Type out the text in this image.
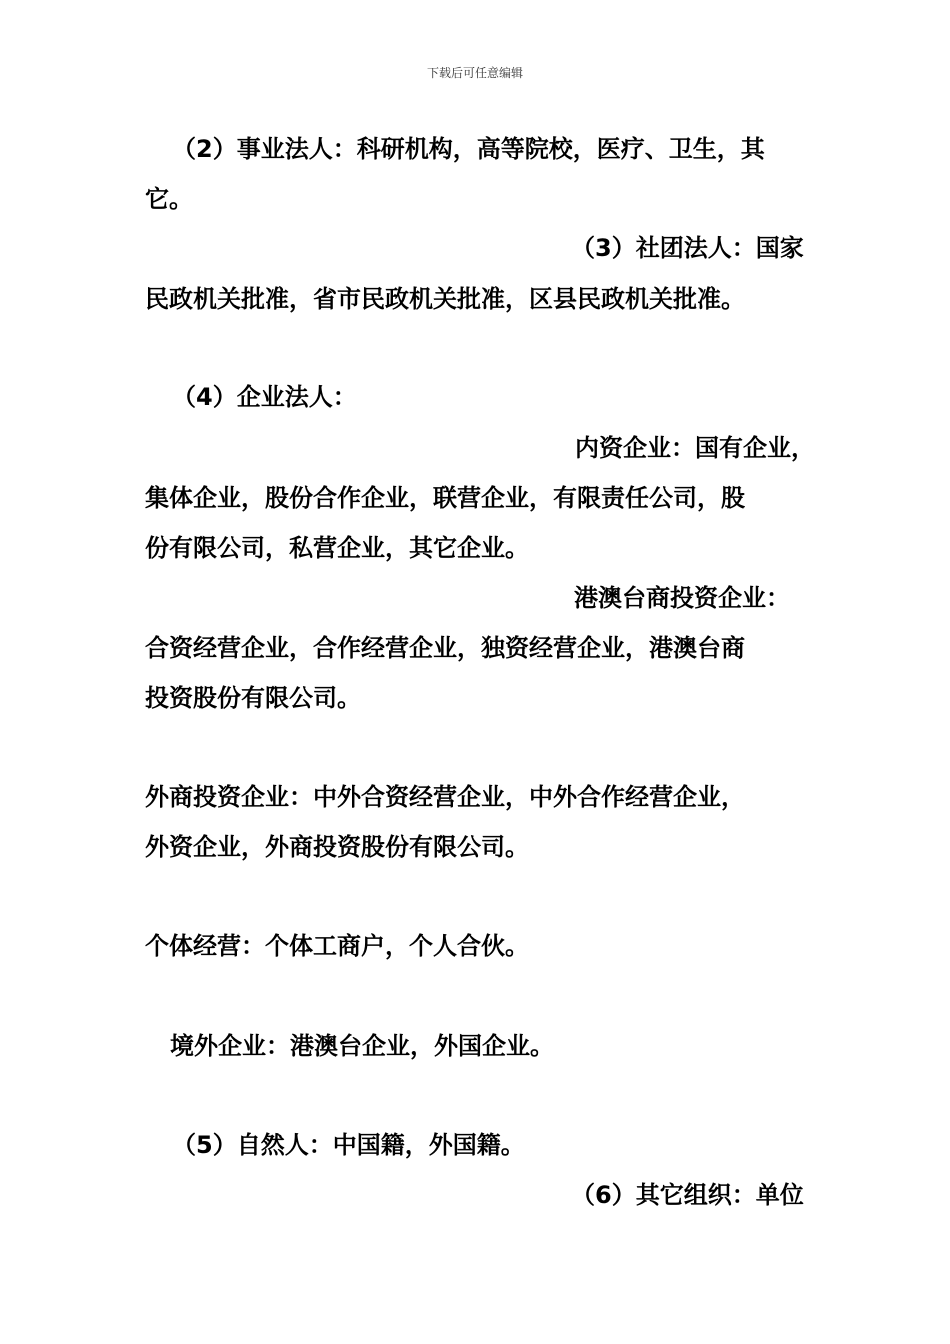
下载后可任意编辑
（2）事业法人：科研机构，高等院校，医疗、卫生，其
它。
（3）社团法人：国家
民政机关批准，省市民政机关批准，区县民政机关批准。
（4）企业法人：
内资企业：国有企业，
集体企业，股份合作企业，联营企业，有限责任公司，股
份有限公司，私营企业，其它企业。
港澳台商投资企业：
合资经营企业，合作经营企业，独资经营企业，港澳台商
投资股份有限公司。
外商投资企业：中外合资经营企业，中外合作经营企业，
外资企业，外商投资股份有限公司。
个体经营：个体工商户，个人合伙。
境外企业：港澳台企业，外国企业。
（5）自然人：中国籍，外国籍。
（6）其它组织：单位
